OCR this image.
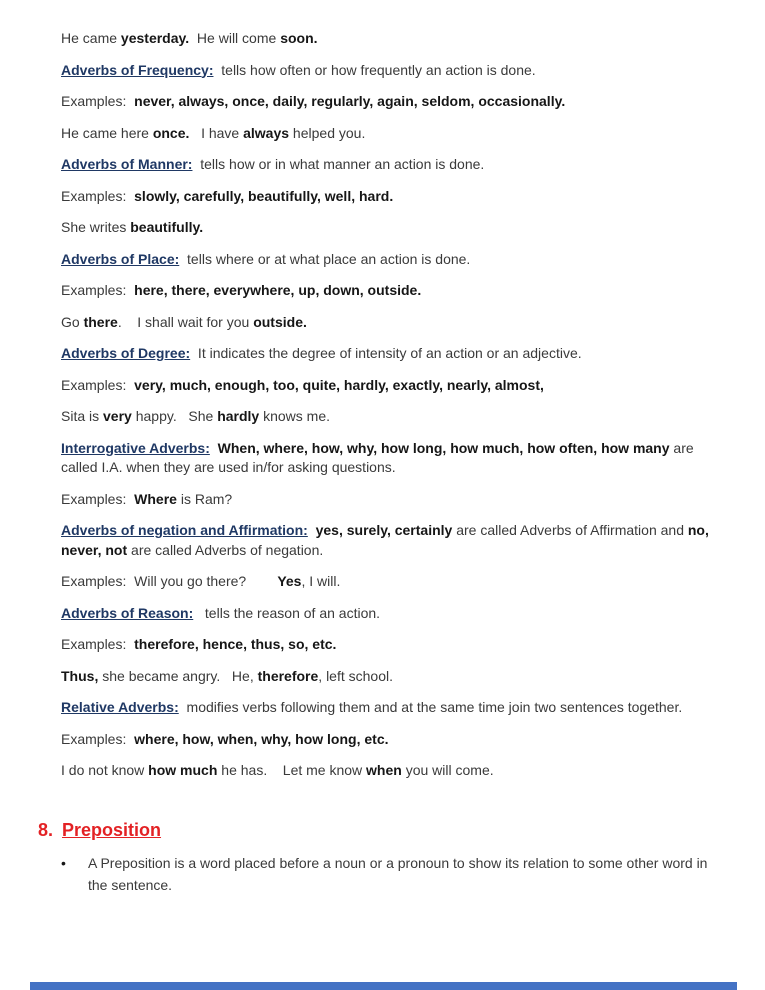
He came yesterday.  He will come soon.

Adverbs of Frequency:  tells how often or how frequently an action is done.

Examples:  never, always, once, daily, regularly, again, seldom, occasionally.

He came here once.   I have always helped you.

Adverbs of Manner:  tells how or in what manner an action is done.

Examples:  slowly, carefully, beautifully, well, hard.

She writes beautifully.

Adverbs of Place:  tells where or at what place an action is done.

Examples:  here, there, everywhere, up, down, outside.

Go there.    I shall wait for you outside.

Adverbs of Degree:  It indicates the degree of intensity of an action or an adjective.

Examples:  very, much, enough, too, quite, hardly, exactly, nearly, almost,

Sita is very happy.   She hardly knows me.

Interrogative Adverbs: When, where, how, why, how long, how much, how often, how many are called I.A. when they are used in/for asking questions.

Examples:  Where is Ram?

Adverbs of negation and Affirmation: yes, surely, certainly are called Adverbs of Affirmation and no, never, not are called Adverbs of negation.

Examples:  Will you go there?        Yes, I will.

Adverbs of Reason:   tells the reason of an action.

Examples:  therefore, hence, thus, so, etc.

Thus, she became angry.   He, therefore, left school.

Relative Adverbs:  modifies verbs following them and at the same time join two sentences together.

Examples:  where, how, when, why, how long, etc.

I do not know how much he has.    Let me know when you will come.

8. Preposition
•	A Preposition is a word placed before a noun or a pronoun to show its relation to some other word in the sentence.
